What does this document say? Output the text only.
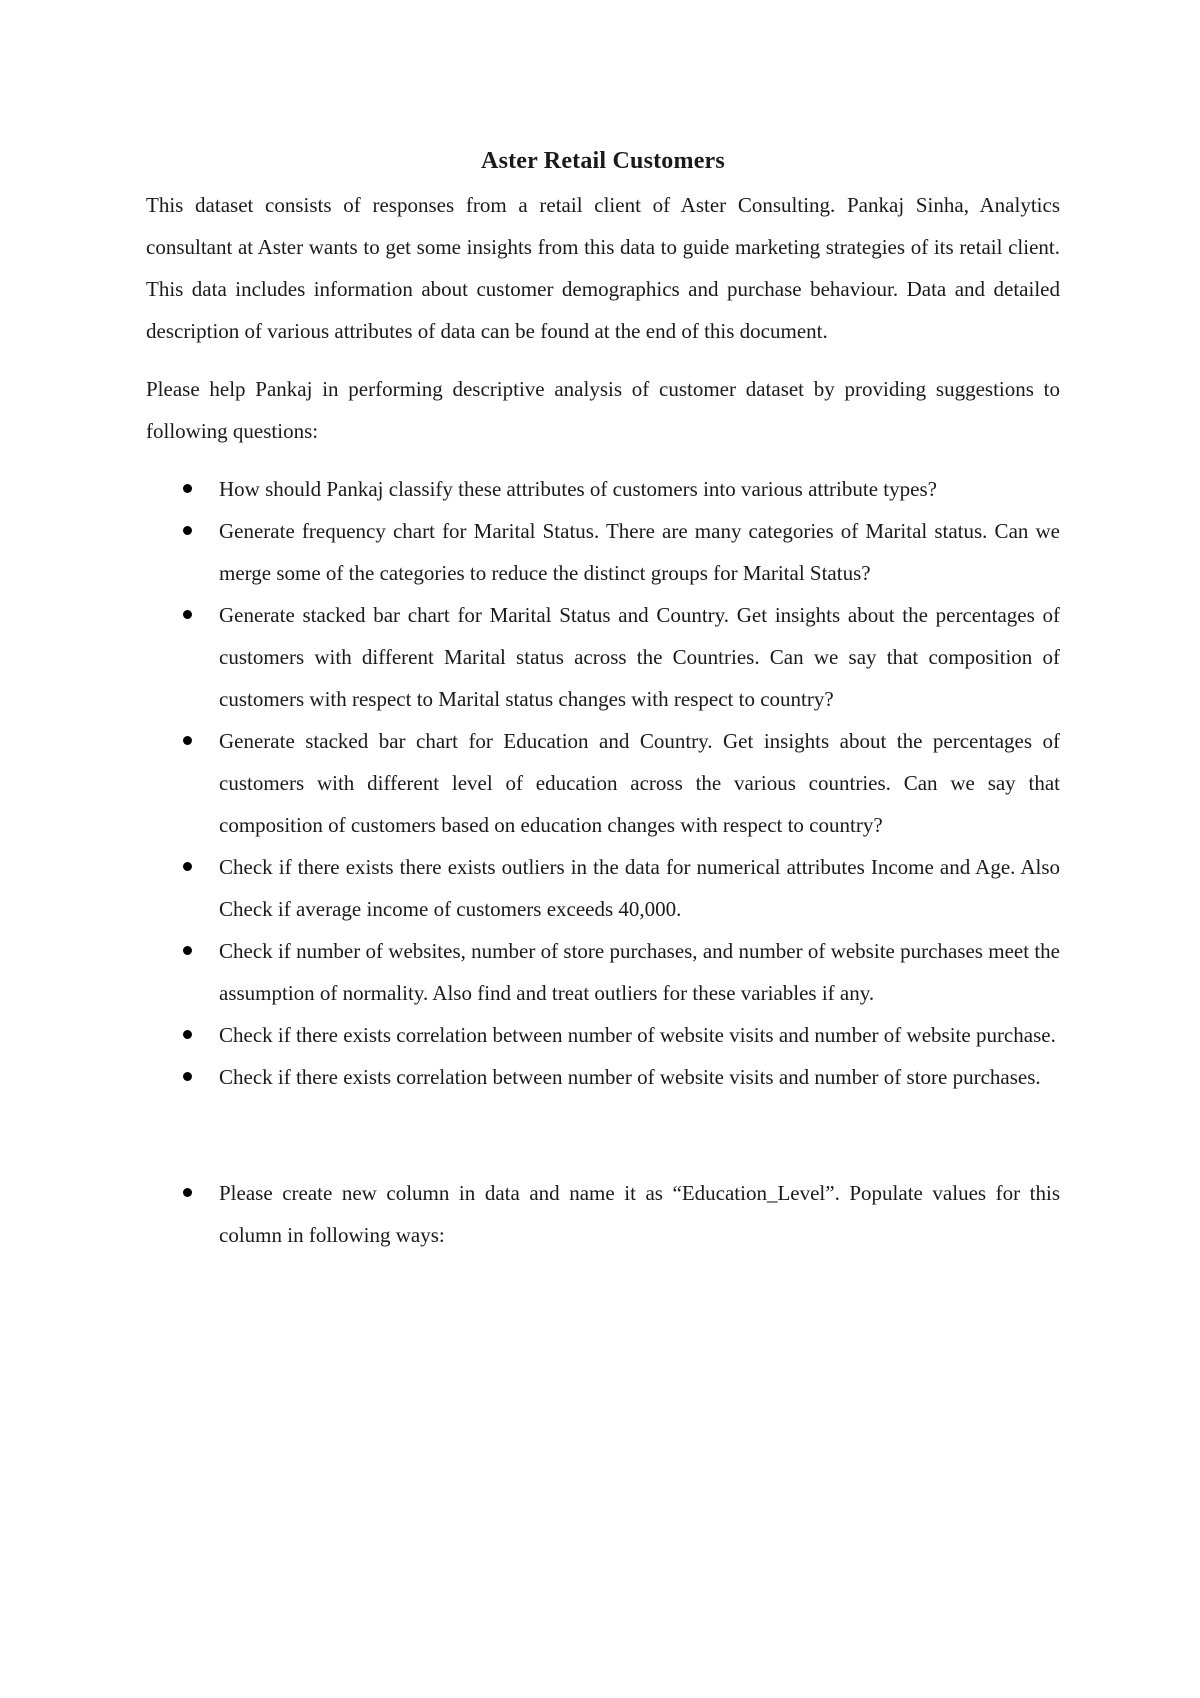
Aster Retail Customers

This dataset consists of responses from a retail client of Aster Consulting. Pankaj Sinha, Analytics consultant at Aster wants to get some insights from this data to guide marketing strategies of its retail client. This data includes information about customer demographics and purchase behaviour. Data and detailed description of various attributes of data can be found at the end of this document.

Please help Pankaj in performing descriptive analysis of customer dataset by providing suggestions to following questions:

How should Pankaj classify these attributes of customers into various attribute types?
Generate frequency chart for Marital Status. There are many categories of Marital status. Can we merge some of the categories to reduce the distinct groups for Marital Status?
Generate stacked bar chart for Marital Status and Country. Get insights about the percentages of customers with different Marital status across the Countries. Can we say that composition of customers with respect to Marital status changes with respect to country?
Generate stacked bar chart for Education and Country. Get insights about the percentages of customers with different level of education across the various countries. Can we say that composition of customers based on education changes with respect to country?
Check if there exists there exists outliers in the data for numerical attributes Income and Age. Also Check if average income of customers exceeds 40,000.
Check if number of websites, number of store purchases, and number of website purchases meet the assumption of normality. Also find and treat outliers for these variables if any.
Check if there exists correlation between number of website visits and number of website purchase.
Check if there exists correlation between number of website visits and number of store purchases.
Please create new column in data and name it as “Education_Level”. Populate values for this column in following ways:
